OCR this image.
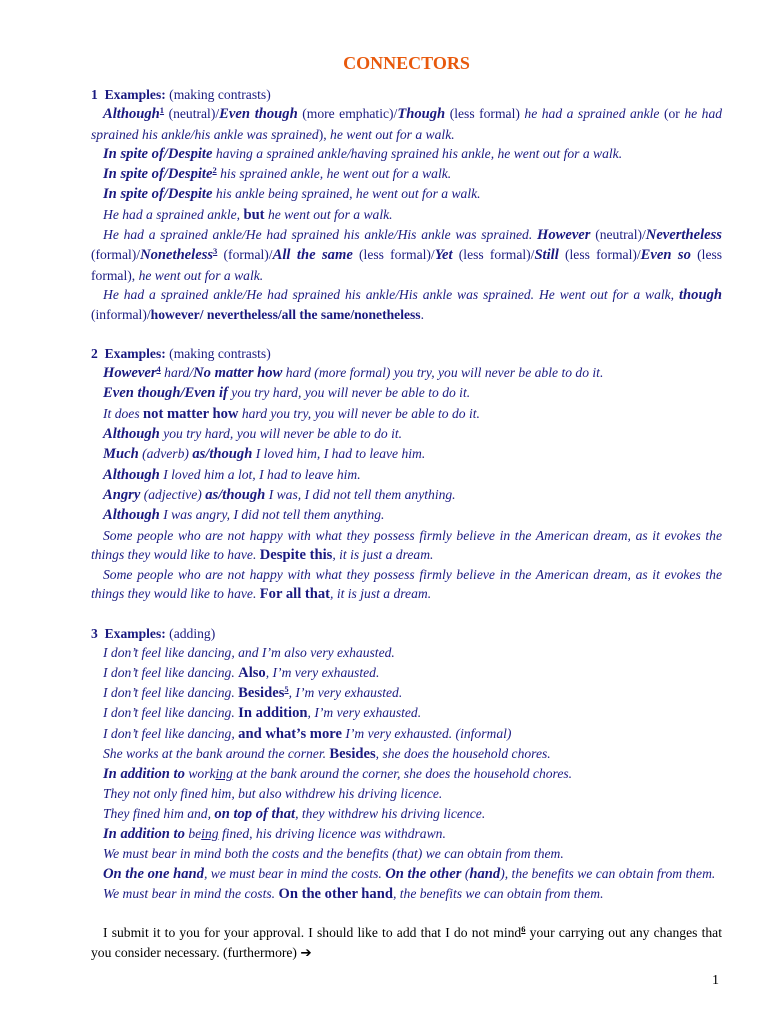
CONNECTORS
1 Examples: (making contrasts)
Although$^1$ (neutral)/Even though (more emphatic)/Though (less formal) he had a sprained ankle (or he had sprained his ankle/his ankle was sprained), he went out for a walk.
In spite of/Despite having a sprained ankle/having sprained his ankle, he went out for a walk.
In spite of/Despite$^2$ his sprained ankle, he went out for a walk.
In spite of/Despite his ankle being sprained, he went out for a walk.
He had a sprained ankle, but he went out for a walk.
He had a sprained ankle/He had sprained his ankle/His ankle was sprained. However (neutral)/Nevertheless (formal)/Nonetheless$^3$ (formal)/All the same (less formal)/Yet (less formal)/Still (less formal)/Even so (less formal), he went out for a walk.
He had a sprained ankle/He had sprained his ankle/His ankle was sprained. He went out for a walk, though (informal)/however/ nevertheless/all the same/nonetheless.
2 Examples: (making contrasts)
However$^4$ hard/No matter how hard (more formal) you try, you will never be able to do it.
Even though/Even if you try hard, you will never be able to do it.
It does not matter how hard you try, you will never be able to do it.
Although you try hard, you will never be able to do it.
Much (adverb) as/though I loved him, I had to leave him.
Although I loved him a lot, I had to leave him.
Angry (adjective) as/though I was, I did not tell them anything.
Although I was angry, I did not tell them anything.
Some people who are not happy with what they possess firmly believe in the American dream, as it evokes the things they would like to have. Despite this, it is just a dream.
Some people who are not happy with what they possess firmly believe in the American dream, as it evokes the things they would like to have. For all that, it is just a dream.
3 Examples: (adding)
I don’t feel like dancing, and I’m also very exhausted.
I don’t feel like dancing. Also, I’m very exhausted.
I don’t feel like dancing. Besides$^5$, I’m very exhausted.
I don’t feel like dancing. In addition, I’m very exhausted.
I don’t feel like dancing, and what’s more I’m very exhausted. (informal)
She works at the bank around the corner. Besides, she does the household chores.
In addition to working at the bank around the corner, she does the household chores.
They not only fined him, but also withdrew his driving licence.
They fined him and, on top of that, they withdrew his driving licence.
In addition to being fined, his driving licence was withdrawn.
We must bear in mind both the costs and the benefits (that) we can obtain from them.
On the one hand, we must bear in mind the costs. On the other (hand), the benefits we can obtain from them.
We must bear in mind the costs. On the other hand, the benefits we can obtain from them.
I submit it to you for your approval. I should like to add that I do not mind$^6$ your carrying out any changes that you consider necessary. (furthermore) ➔
1
